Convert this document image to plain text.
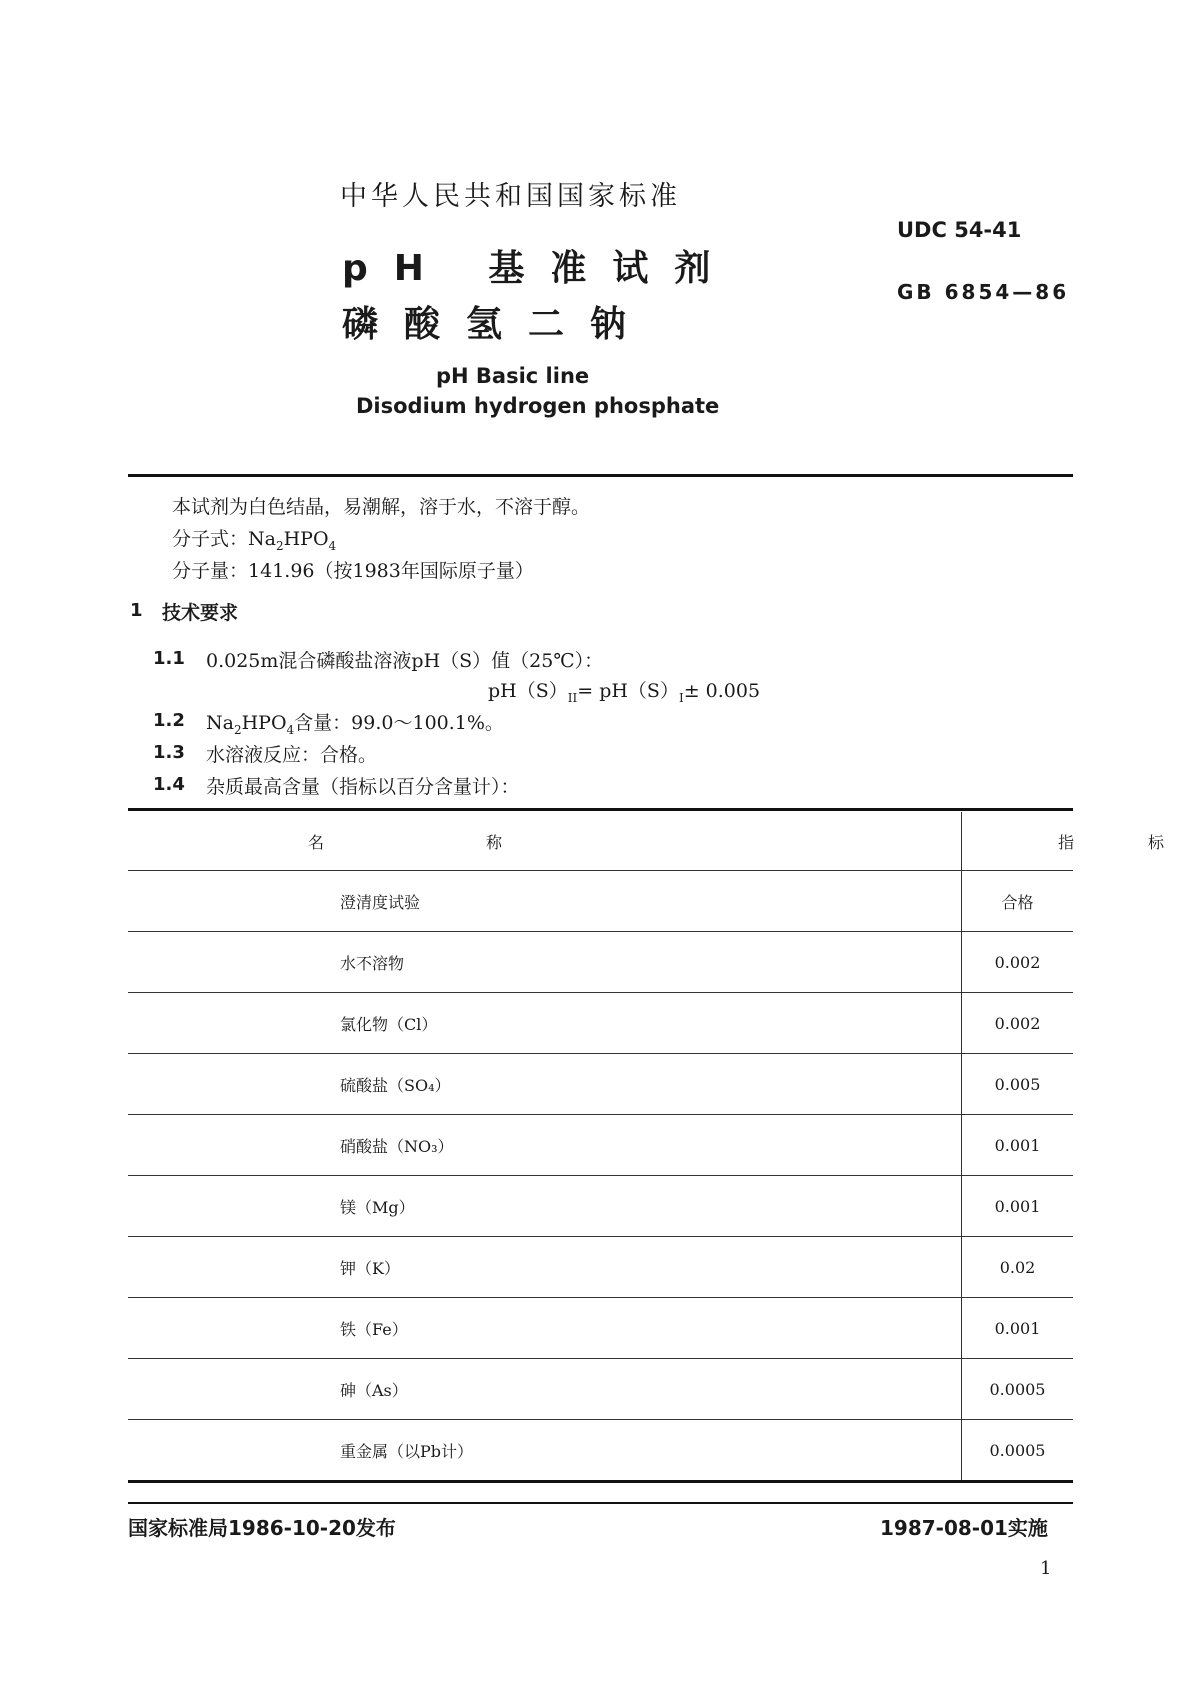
中华人民共和国国家标准
pH 基准试剂
磷酸氢二钠
UDC 54-41
GB 6854—86
pH Basic line
Disodium hydrogen phosphate
本试剂为白色结晶，易潮解，溶于水，不溶于醇。
分子式：$Na_2HPO_4$
分子量：141.96（按1983年国际原子量）
1 技术要求
1.1 0.025m混合磷酸盐溶液pH（S）值（25℃）：
$pH(S)_{II}= pH(S)_I\pm 0.005$
1.2 $Na_2HPO_4$含量：99.0～100.1%。
1.3 水溶液反应：合格。
1.4 杂质最高含量（指标以百分含量计）：
名 称	指 标

澄清度试验	合格
水不溶物	0.002
氯化物（Cl）	0.002
硫酸盐（SO₄）	0.005
硝酸盐（NO₃）	0.001
镁（Mg）	0.001
钾（K）	0.02
铁（Fe）	0.001
砷（As）	0.0005
重金属（以Pb计）	0.0005
国家标准局1986-10-20发布	1987-08-01实施
1
